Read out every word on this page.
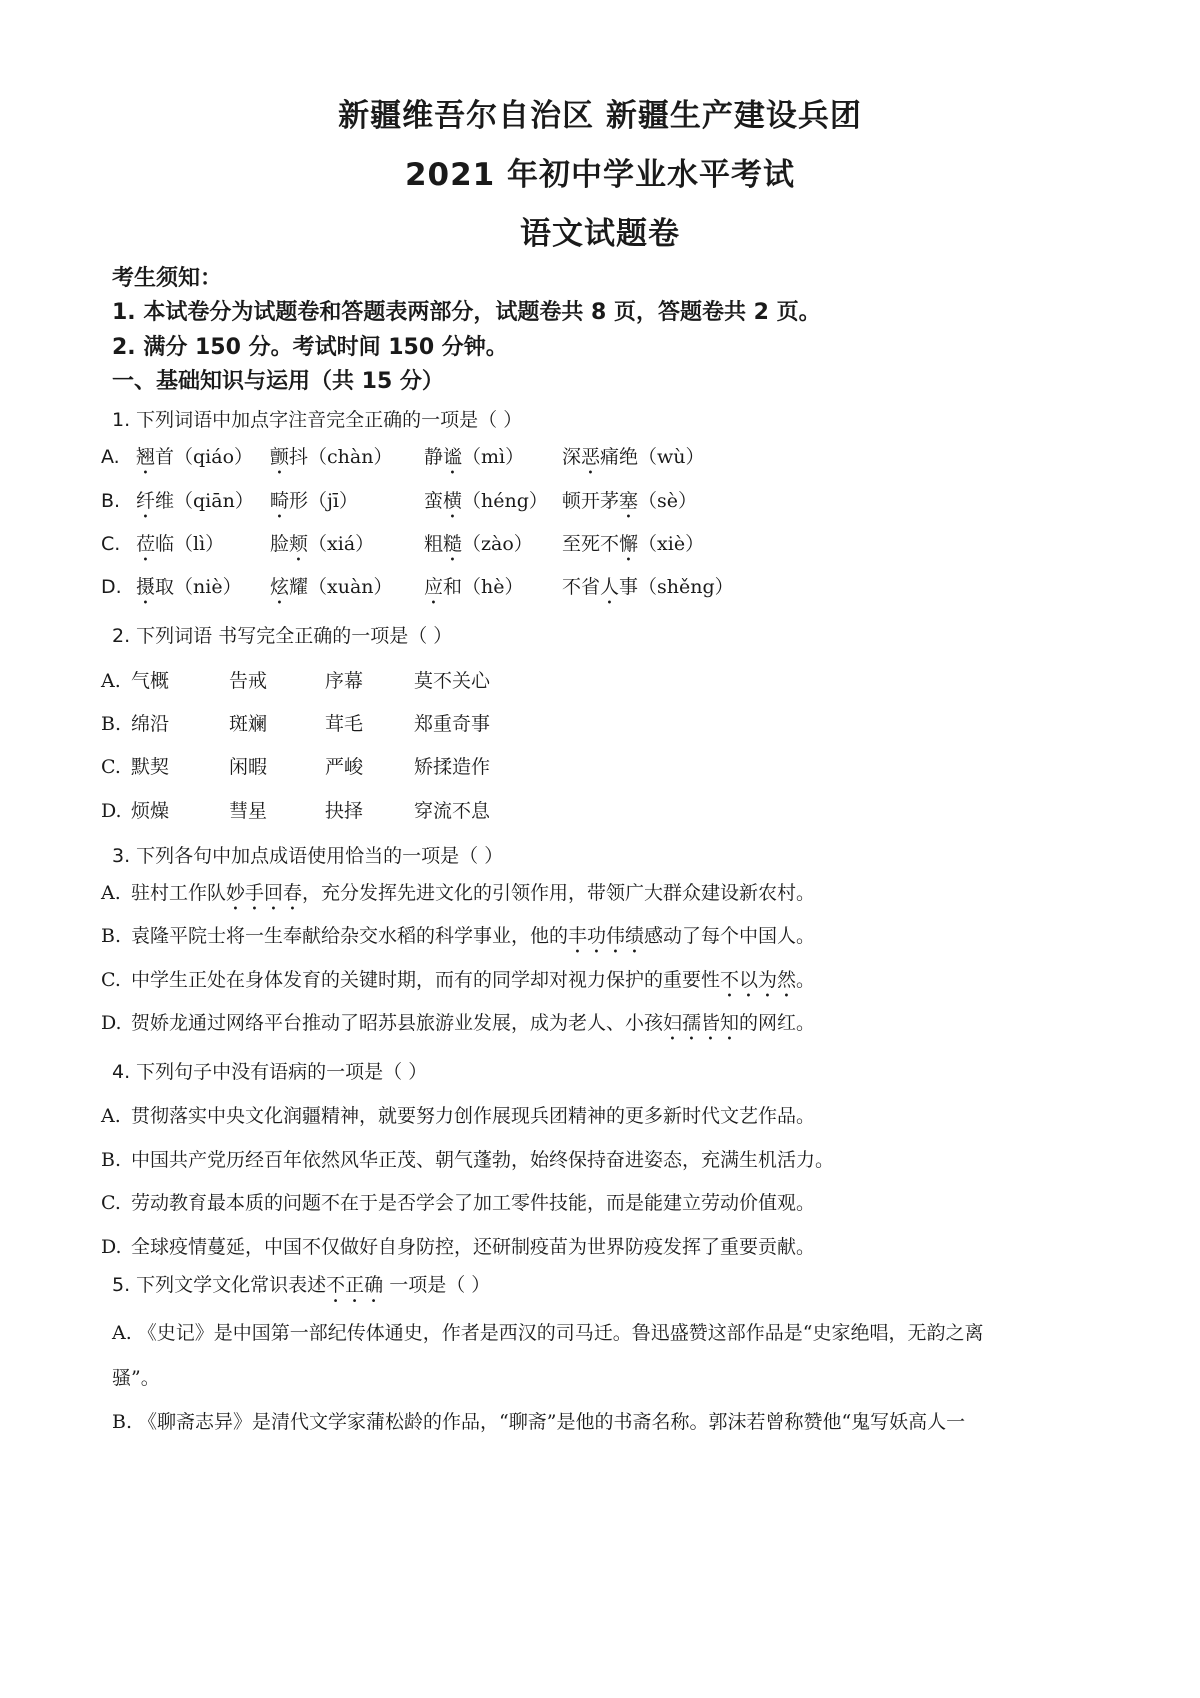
新疆维吾尔自治区 新疆生产建设兵团
2021 年初中学业水平考试
语文试题卷
考生须知：
1. 本试卷分为试题卷和答题表两部分，试题卷共 8 页，答题卷共 2 页。
2. 满分 150 分。考试时间 150 分钟。
一、基础知识与运用（共 15 分）
1. 下列词语中加点字注音完全正确的一项是（ ）
A. 翘首（qiáo） 颤抖（chàn） 静谧（mì） 深恶痛绝（wù）
B. 纤维（qiān） 畸形（jī）	蛮横（héng） 顿开茅塞（sè）
C. 莅临（lì） 脸颊（xiá）	粗糙（zào） 至死不懈（xiè）
D. 摄取（niè） 炫耀（xuàn） 应和（hè） 不省人事（shěng）
2. 下列词语 书写完全正确的一项是（ ）
A. 气概	告戒	序幕	莫不关心
B. 绵沿	斑斓	茸毛	郑重奇事
C. 默契	闲暇	严峻	矫揉造作
D. 烦燥	彗星	抉择	穿流不息
3. 下列各句中加点成语使用恰当的一项是（ ）
A. 驻村工作队妙手回春，充分发挥先进文化的引领作用，带领广大群众建设新农村。
B. 袁隆平院士将一生奉献给杂交水稻的科学事业，他的丰功伟绩感动了每个中国人。
C. 中学生正处在身体发育的关键时期，而有的同学却对视力保护的重要性不以为然。
D. 贺娇龙通过网络平台推动了昭苏县旅游业发展，成为老人、小孩妇孺皆知的网红。
4. 下列句子中没有语病的一项是（ ）
A. 贯彻落实中央文化润疆精神，就要努力创作展现兵团精神的更多新时代文艺作品。
B. 中国共产党历经百年依然风华正茂、朝气蓬勃，始终保持奋进姿态，充满生机活力。
C. 劳动教育最本质的问题不在于是否学会了加工零件技能，而是能建立劳动价值观。
D. 全球疫情蔓延，中国不仅做好自身防控，还研制疫苗为世界防疫发挥了重要贡献。
5. 下列文学文化常识表述不正确 一项是（ ）
A. 《史记》是中国第一部纪传体通史，作者是西汉的司马迁。鲁迅盛赞这部作品是“史家绝唱，无韵之离
骚”。
B. 《聊斋志异》是清代文学家蒲松龄的作品，“聊斋”是他的书斋名称。郭沫若曾称赞他“鬼写妖高人一
